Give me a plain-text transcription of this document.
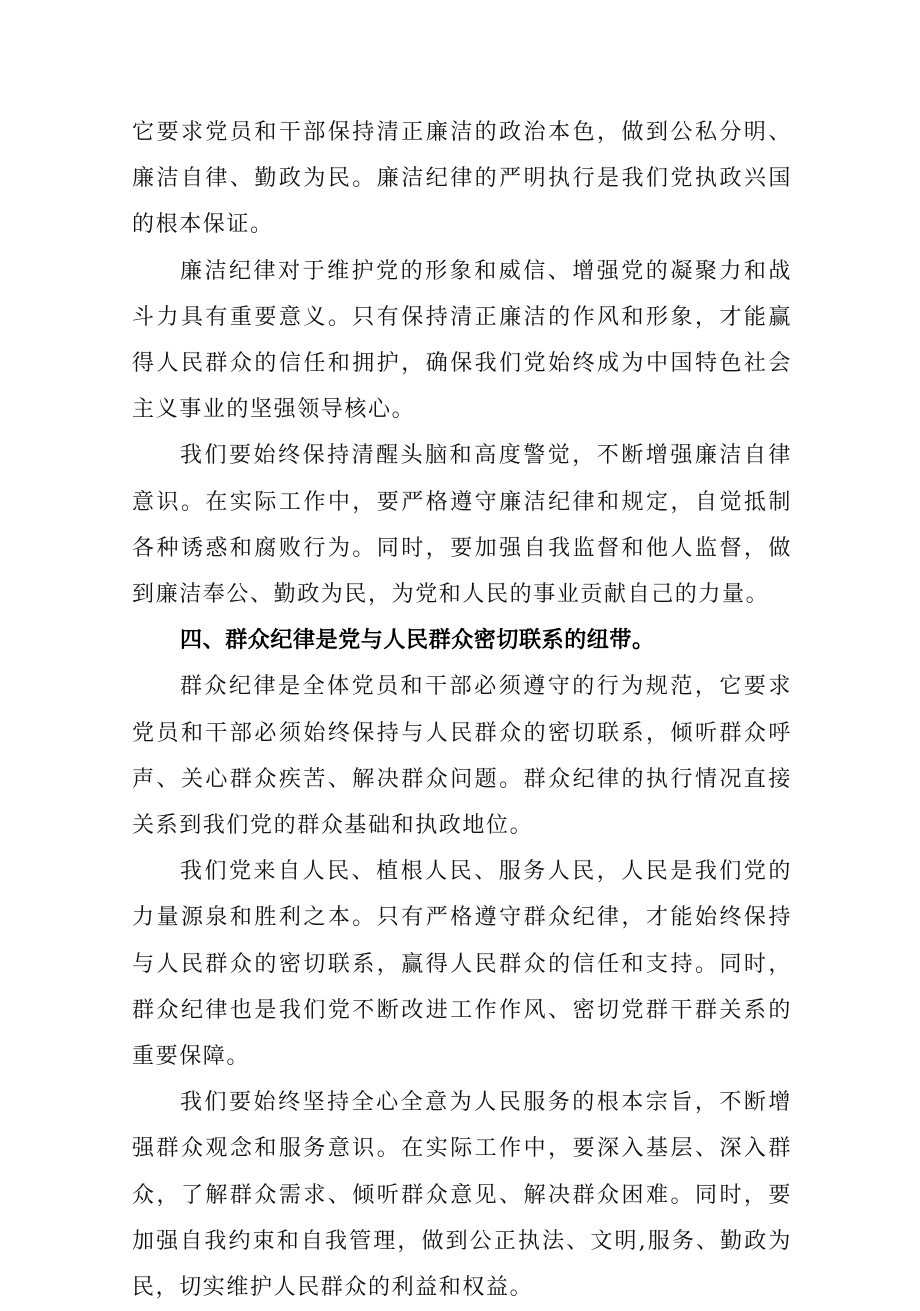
它要求党员和干部保持清正廉洁的政治本色，做到公私分明、廉洁自律、勤政为民。廉洁纪律的严明执行是我们党执政兴国的根本保证。

廉洁纪律对于维护党的形象和威信、增强党的凝聚力和战斗力具有重要意义。只有保持清正廉洁的作风和形象，才能赢得人民群众的信任和拥护，确保我们党始终成为中国特色社会主义事业的坚强领导核心。

我们要始终保持清醒头脑和高度警觉，不断增强廉洁自律意识。在实际工作中，要严格遵守廉洁纪律和规定，自觉抵制各种诱惑和腐败行为。同时，要加强自我监督和他人监督，做到廉洁奉公、勤政为民，为党和人民的事业贡献自己的力量。

四、群众纪律是党与人民群众密切联系的纽带。

群众纪律是全体党员和干部必须遵守的行为规范，它要求党员和干部必须始终保持与人民群众的密切联系，倾听群众呼声、关心群众疾苦、解决群众问题。群众纪律的执行情况直接关系到我们党的群众基础和执政地位。

我们党来自人民、植根人民、服务人民，人民是我们党的力量源泉和胜利之本。只有严格遵守群众纪律，才能始终保持与人民群众的密切联系，赢得人民群众的信任和支持。同时，群众纪律也是我们党不断改进工作作风、密切党群干群关系的重要保障。

我们要始终坚持全心全意为人民服务的根本宗旨，不断增强群众观念和服务意识。在实际工作中，要深入基层、深入群众，了解群众需求、倾听群众意见、解决群众困难。同时，要加强自我约束和自我管理，做到公正执法、文明,服务、勤政为民，切实维护人民群众的利益和权益。
